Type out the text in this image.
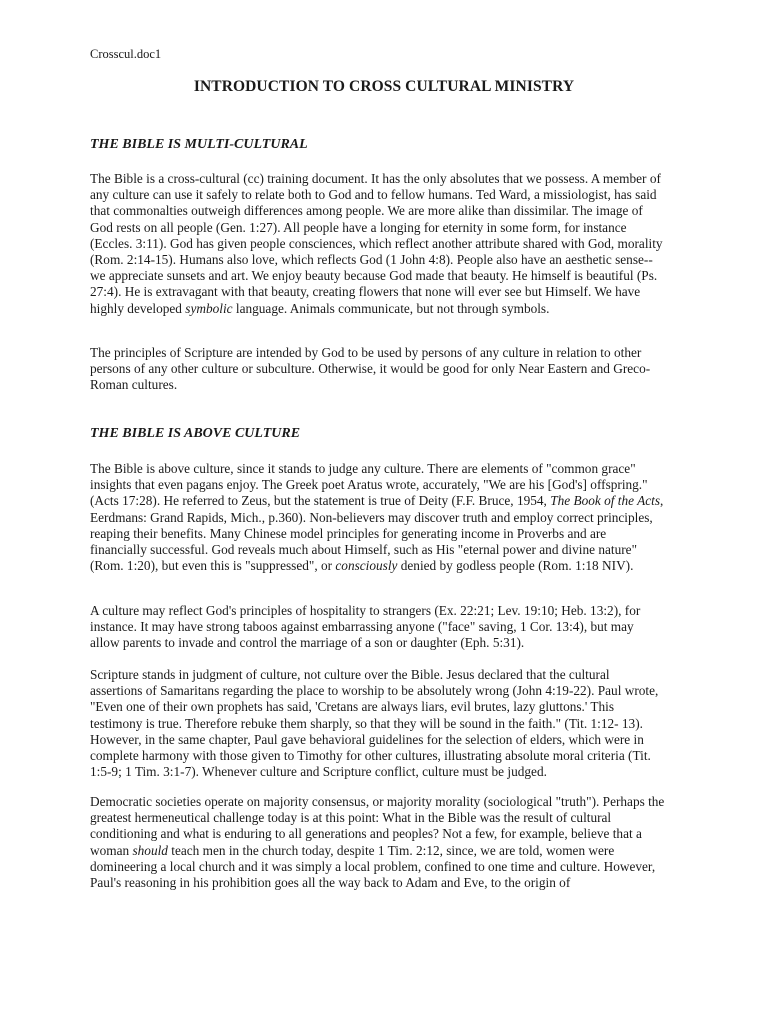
Crosscul.doc1
INTRODUCTION TO CROSS CULTURAL MINISTRY
THE BIBLE IS MULTI-CULTURAL

The Bible is a cross-cultural (cc) training document. It has the only absolutes that we possess. A member of any culture can use it safely to relate both to God and to fellow humans. Ted Ward, a missiologist, has said that commonalties outweigh differences among people. We are more alike than dissimilar. The image of God rests on all people (Gen. 1:27). All people have a longing for eternity in some form, for instance (Eccles. 3:11). God has given people consciences, which reflect another attribute shared with God, morality (Rom. 2:14-15). Humans also love, which reflects God (1 John 4:8). People also have an aesthetic sense--we appreciate sunsets and art. We enjoy beauty because God made that beauty. He himself is beautiful (Ps. 27:4). He is extravagant with that beauty, creating flowers that none will ever see but Himself. We have highly developed symbolic language. Animals communicate, but not through symbols.

The principles of Scripture are intended by God to be used by persons of any culture in relation to other persons of any other culture or subculture. Otherwise, it would be good for only Near Eastern and Greco-Roman cultures.

THE BIBLE IS ABOVE CULTURE

The Bible is above culture, since it stands to judge any culture. There are elements of "common grace" insights that even pagans enjoy. The Greek poet Aratus wrote, accurately, "We are his [God's] offspring." (Acts 17:28). He referred to Zeus, but the statement is true of Deity (F.F. Bruce, 1954, The Book of the Acts, Eerdmans: Grand Rapids, Mich., p.360). Non-believers may discover truth and employ correct principles, reaping their benefits. Many Chinese model principles for generating income in Proverbs and are financially successful. God reveals much about Himself, such as His "eternal power and divine nature" (Rom. 1:20), but even this is "suppressed", or consciously denied by godless people (Rom. 1:18 NIV).

A culture may reflect God's principles of hospitality to strangers (Ex. 22:21; Lev. 19:10; Heb. 13:2), for instance. It may have strong taboos against embarrassing anyone ("face" saving, 1 Cor. 13:4), but may allow parents to invade and control the marriage of a son or daughter (Eph. 5:31).

Scripture stands in judgment of culture, not culture over the Bible. Jesus declared that the cultural assertions of Samaritans regarding the place to worship to be absolutely wrong (John 4:19-22). Paul wrote, "Even one of their own prophets has said, 'Cretans are always liars, evil brutes, lazy gluttons.' This testimony is true. Therefore rebuke them sharply, so that they will be sound in the faith." (Tit. 1:12- 13). However, in the same chapter, Paul gave behavioral guidelines for the selection of elders, which were in complete harmony with those given to Timothy for other cultures, illustrating absolute moral criteria (Tit. 1:5-9; 1 Tim. 3:1-7). Whenever culture and Scripture conflict, culture must be judged.

Democratic societies operate on majority consensus, or majority morality (sociological "truth"). Perhaps the greatest hermeneutical challenge today is at this point: What in the Bible was the result of cultural conditioning and what is enduring to all generations and peoples? Not a few, for example, believe that a woman should teach men in the church today, despite 1 Tim. 2:12, since, we are told, women were domineering a local church and it was simply a local problem, confined to one time and culture. However, Paul's reasoning in his prohibition goes all the way back to Adam and Eve, to the origin of
